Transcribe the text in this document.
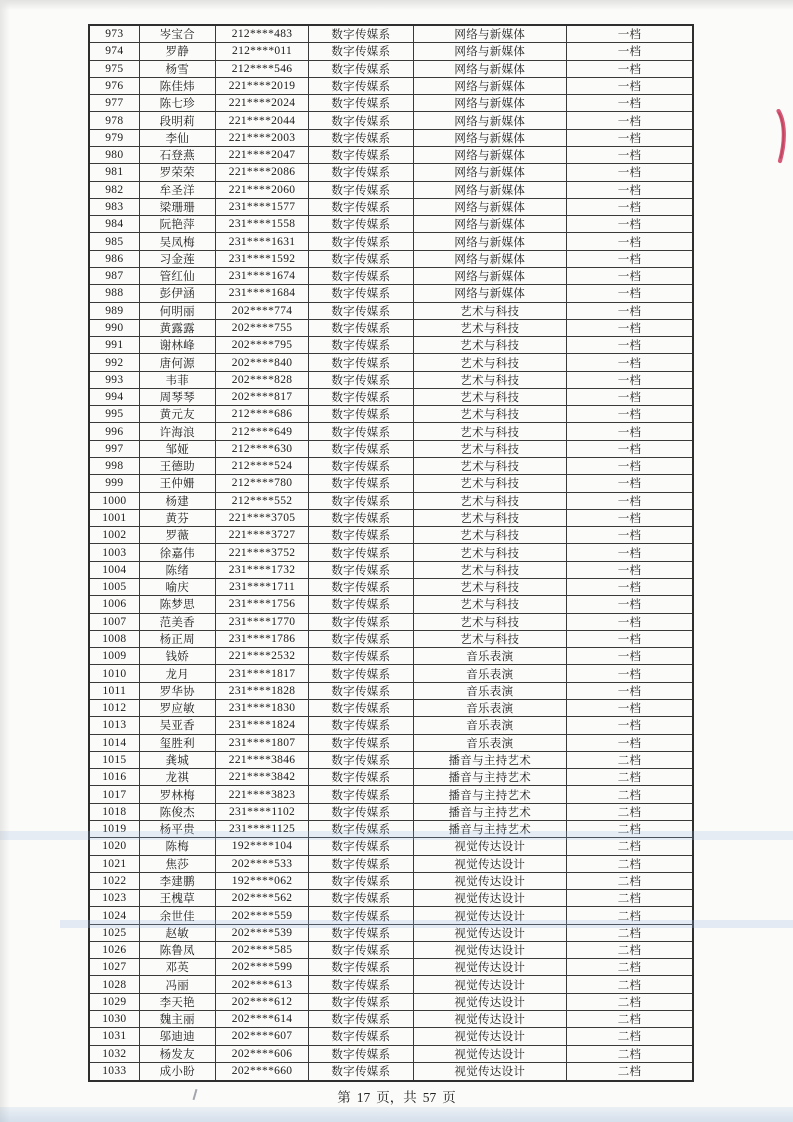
973	岑宝合	212****483	数字传媒系	网络与新媒体	一档
974	罗静	212****011	数字传媒系	网络与新媒体	一档
975	杨雪	212****546	数字传媒系	网络与新媒体	一档
976	陈佳炜	221****2019	数字传媒系	网络与新媒体	一档
977	陈七珍	221****2024	数字传媒系	网络与新媒体	一档
978	段明莉	221****2044	数字传媒系	网络与新媒体	一档
979	李仙	221****2003	数字传媒系	网络与新媒体	一档
980	石登燕	221****2047	数字传媒系	网络与新媒体	一档
981	罗荣荣	221****2086	数字传媒系	网络与新媒体	一档
982	牟圣洋	221****2060	数字传媒系	网络与新媒体	一档
983	梁珊珊	231****1577	数字传媒系	网络与新媒体	一档
984	阮艳萍	231****1558	数字传媒系	网络与新媒体	一档
985	吴凤梅	231****1631	数字传媒系	网络与新媒体	一档
986	习金莲	231****1592	数字传媒系	网络与新媒体	一档
987	管红仙	231****1674	数字传媒系	网络与新媒体	一档
988	彭伊涵	231****1684	数字传媒系	网络与新媒体	一档
989	何明丽	202****774	数字传媒系	艺术与科技	一档
990	黄露露	202****755	数字传媒系	艺术与科技	一档
991	谢林峰	202****795	数字传媒系	艺术与科技	一档
992	唐何源	202****840	数字传媒系	艺术与科技	一档
993	韦菲	202****828	数字传媒系	艺术与科技	一档
994	周琴琴	202****817	数字传媒系	艺术与科技	一档
995	黄元友	212****686	数字传媒系	艺术与科技	一档
996	许海浪	212****649	数字传媒系	艺术与科技	一档
997	邹娅	212****630	数字传媒系	艺术与科技	一档
998	王德助	212****524	数字传媒系	艺术与科技	一档
999	王仲姗	212****780	数字传媒系	艺术与科技	一档
1000	杨建	212****552	数字传媒系	艺术与科技	一档
1001	黄芬	221****3705	数字传媒系	艺术与科技	一档
1002	罗薇	221****3727	数字传媒系	艺术与科技	一档
1003	徐嘉伟	221****3752	数字传媒系	艺术与科技	一档
1004	陈绪	231****1732	数字传媒系	艺术与科技	一档
1005	喻庆	231****1711	数字传媒系	艺术与科技	一档
1006	陈梦思	231****1756	数字传媒系	艺术与科技	一档
1007	范美香	231****1770	数字传媒系	艺术与科技	一档
1008	杨正周	231****1786	数字传媒系	艺术与科技	一档
1009	钱娇	221****2532	数字传媒系	音乐表演	一档
1010	龙月	231****1817	数字传媒系	音乐表演	一档
1011	罗华协	231****1828	数字传媒系	音乐表演	一档
1012	罗应敏	231****1830	数字传媒系	音乐表演	一档
1013	吴亚香	231****1824	数字传媒系	音乐表演	一档
1014	玺胜利	231****1807	数字传媒系	音乐表演	一档
1015	龚城	221****3846	数字传媒系	播音与主持艺术	二档
1016	龙祺	221****3842	数字传媒系	播音与主持艺术	二档
1017	罗林梅	221****3823	数字传媒系	播音与主持艺术	二档
1018	陈俊杰	231****1102	数字传媒系	播音与主持艺术	二档
1019	杨平贵	231****1125	数字传媒系	播音与主持艺术	二档
1020	陈梅	192****104	数字传媒系	视觉传达设计	二档
1021	焦莎	202****533	数字传媒系	视觉传达设计	二档
1022	李建鹏	192****062	数字传媒系	视觉传达设计	二档
1023	王槐草	202****562	数字传媒系	视觉传达设计	二档
1024	余世佳	202****559	数字传媒系	视觉传达设计	二档
1025	赵敏	202****539	数字传媒系	视觉传达设计	二档
1026	陈鲁凤	202****585	数字传媒系	视觉传达设计	二档
1027	邓英	202****599	数字传媒系	视觉传达设计	二档
1028	冯丽	202****613	数字传媒系	视觉传达设计	二档
1029	李天艳	202****612	数字传媒系	视觉传达设计	二档
1030	魏主丽	202****614	数字传媒系	视觉传达设计	二档
1031	邬迪迪	202****607	数字传媒系	视觉传达设计	二档
1032	杨发友	202****606	数字传媒系	视觉传达设计	二档
1033	成小盼	202****660	数字传媒系	视觉传达设计	二档
第 17 页，共 57 页
